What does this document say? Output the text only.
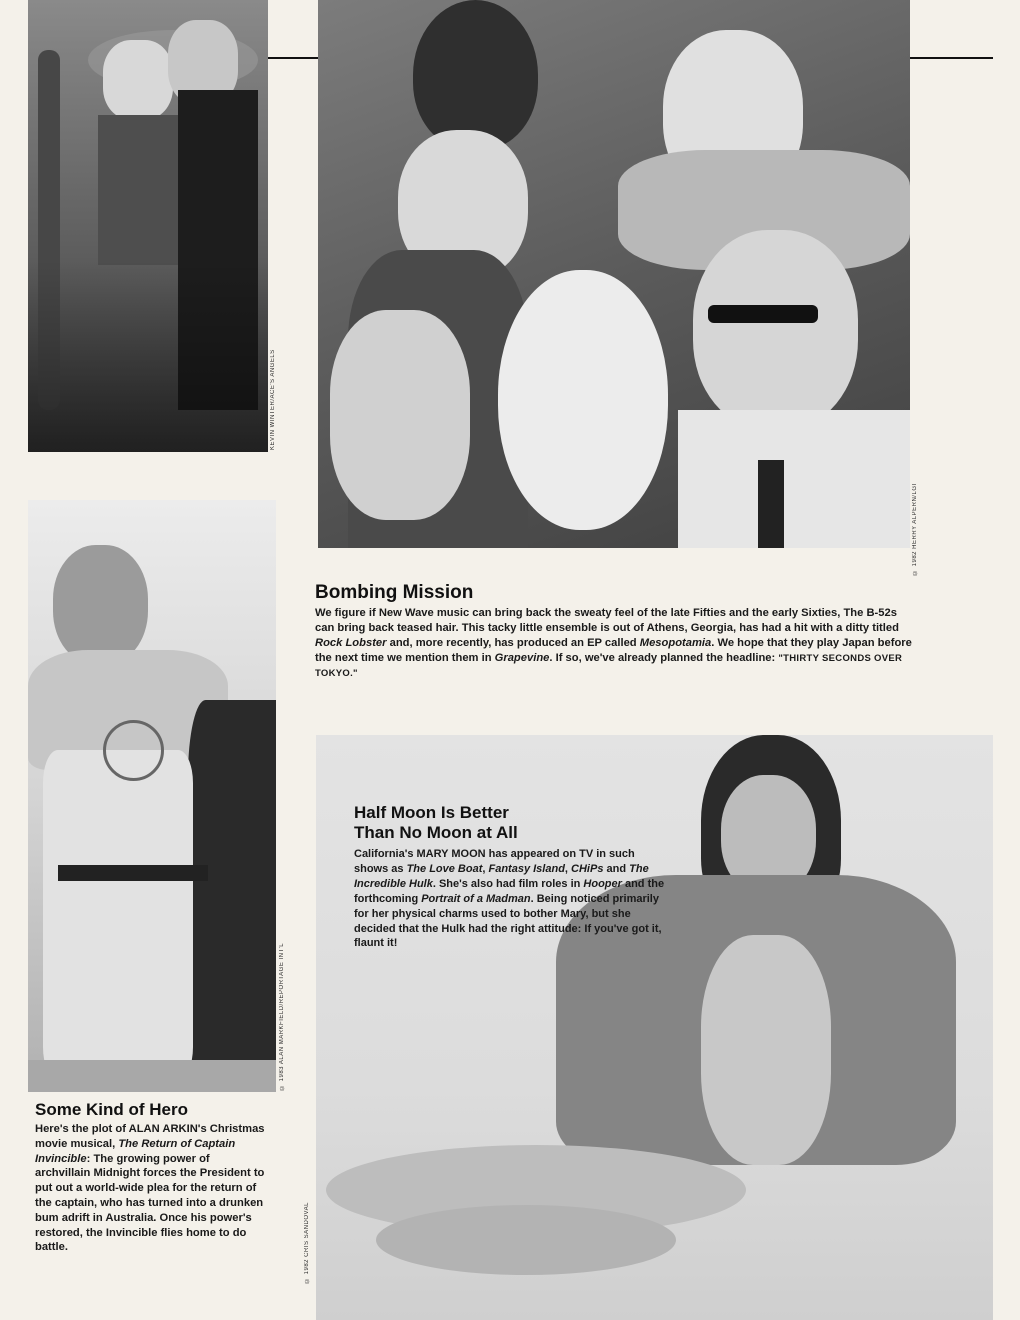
KEVIN WINTER/ACE'S ANGELS
© 1982 HERRY ALPERN/LGI
Bombing Mission

We figure if New Wave music can bring back the sweaty feel of the late Fifties and the early Sixties, The B-52s can bring back teased hair. This tacky little ensemble is out of Athens, Georgia, has had a hit with a ditty titled Rock Lobster and, more recently, has produced an EP called Mesopotamia. We hope that they play Japan before the next time we mention them in Grapevine. If so, we've already planned the headline: "THIRTY SECONDS OVER TOKYO."

© 1983 ALAN MARKFIELD/REPORTAGE INT'L
Some Kind of Hero

Here's the plot of ALAN ARKIN's Christmas movie musical, The Return of Captain Invincible: The growing power of archvillain Midnight forces the President to put out a world-wide plea for the return of the captain, who has turned into a drunken bum adrift in Australia. Once his power's restored, the Invincible flies home to do battle.	© 1982 CRIS SANDOVAL
Half Moon Is Better
Than No Moon at All

California's MARY MOON has appeared on TV in such shows as The Love Boat, Fantasy Island, CHiPs and The Incredible Hulk. She's also had film roles in Hooper and the forthcoming Portrait of a Madman. Being noticed primarily for her physical charms used to bother Mary, but she decided that the Hulk had the right attitude: If you've got it, flaunt it!
